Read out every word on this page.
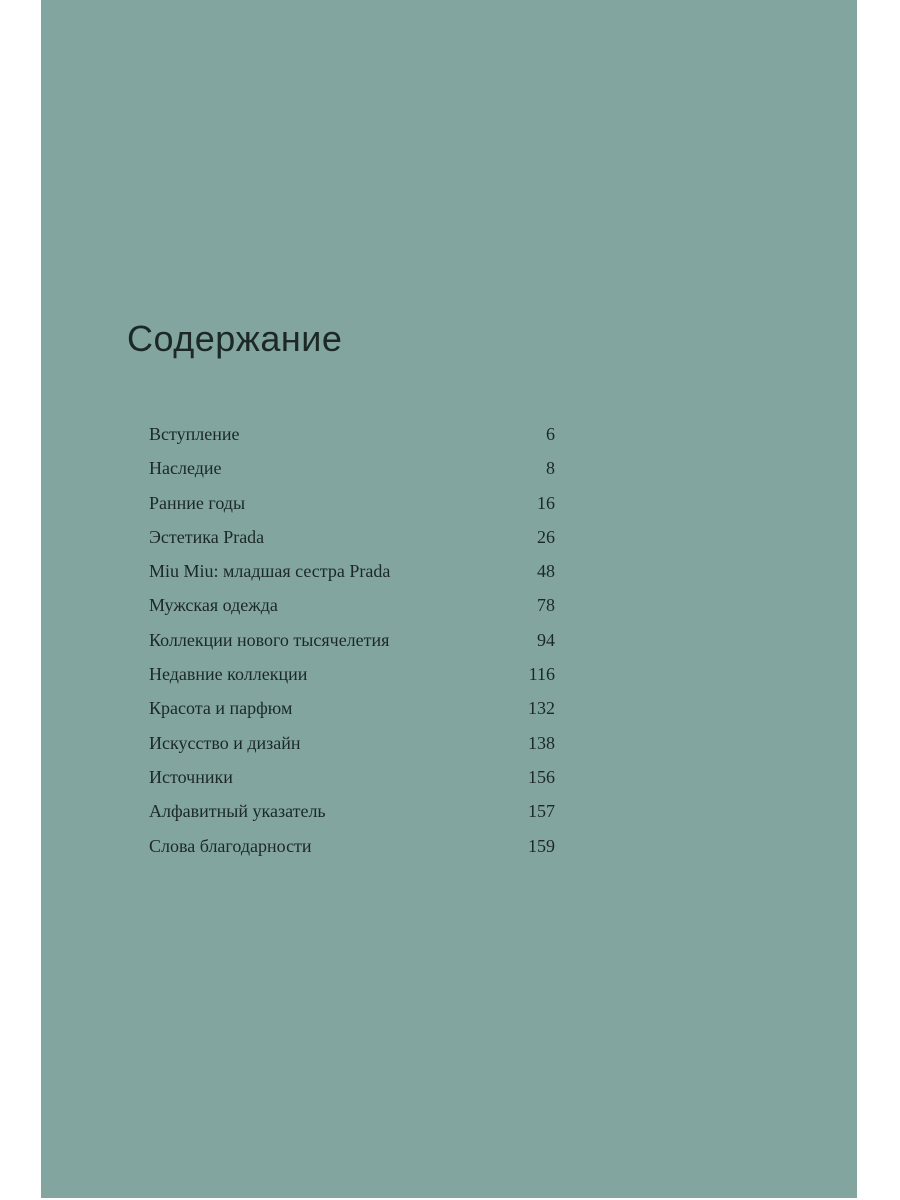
Содержание
Вступление	6
Наследие	8
Ранние годы	16
Эстетика Prada	26
Miu Miu: младшая сестра Prada	48
Мужская одежда	78
Коллекции нового тысячелетия	94
Недавние коллекции	116
Красота и парфюм	132
Искусство и дизайн	138
Источники	156
Алфавитный указатель	157
Слова благодарности	159
